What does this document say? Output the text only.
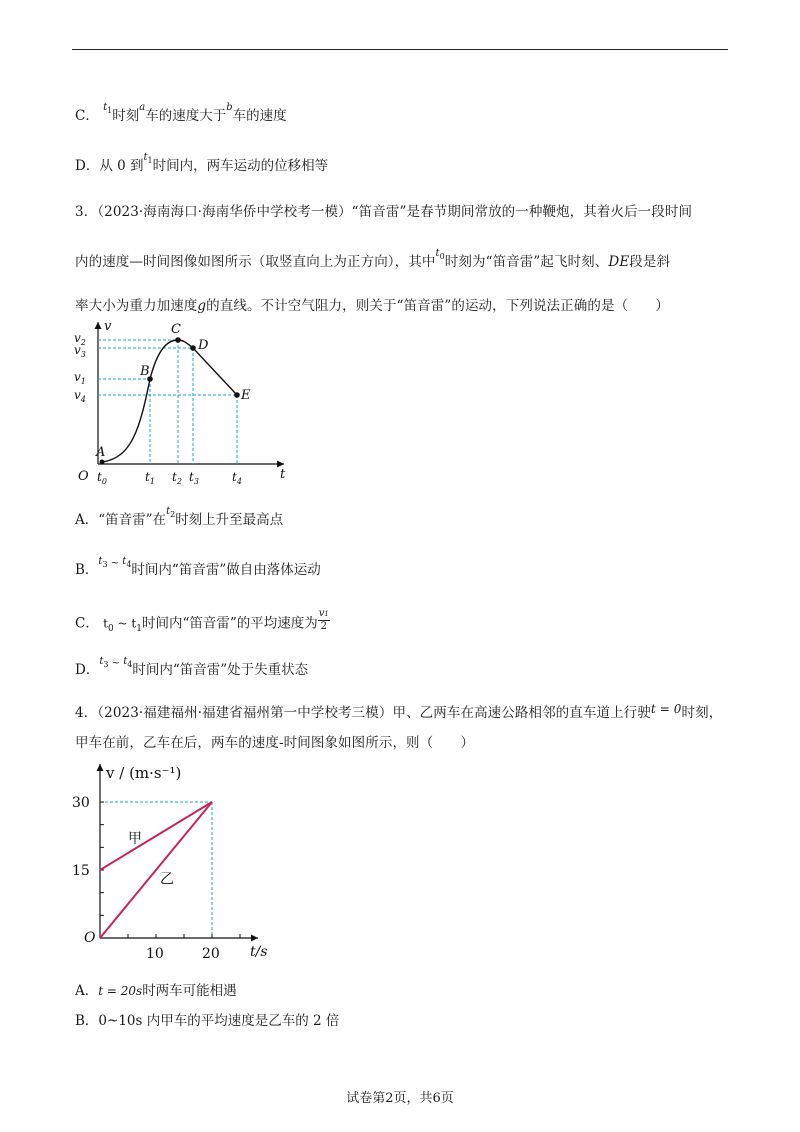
C． $^{t1}$时刻$^a$车的速度大于$^b$车的速度
D．从 0 到$^{t1}$时间内，两车运动的位移相等
3．（2023·海南海口·海南华侨中学校考一模）“笛音雷”是春节期间常放的一种鞭炮，其着火后一段时间
内的速度—时间图像如图所示（取竖直向上为正方向），其中$^{t0}$时刻为“笛音雷”起飞时刻、DE段是斜
率大小为重力加速度g的直线。不计空气阻力，则关于“笛音雷”的运动，下列说法正确的是（　　）
A
B
C
D
E
v
t
O
$v_2$
$v_3$
$v_1$
$v_4$
$t_0$	$t_1$ $t_2$ $t_3$	$t_4$
A．“笛音雷”在$^{t2}$时刻上升至最高点
B．$^{t3}$ ~ $^{t4}$时间内“笛音雷”做自由落体运动
C． $t_0$ ~ $t_1$时间内“笛音雷”的平均速度为 $\frac{v1}{2}$
D．$^{t3}$ ~ $^{t4}$时间内“笛音雷”处于失重状态
4．（2023·福建福州·福建省福州第一中学校考三模）甲、乙两车在高速公路相邻的直车道上行驶t = 0时刻，
甲车在前，乙车在后，两车的速度-时间图象如图所示，则（　　）
10	20
15
30
O
v / (m·s⁻¹)
t/s
甲
乙
A．t = 20s时两车可能相遇
B．0~10s 内甲车的平均速度是乙车的 2 倍
试卷第2页，共6页
